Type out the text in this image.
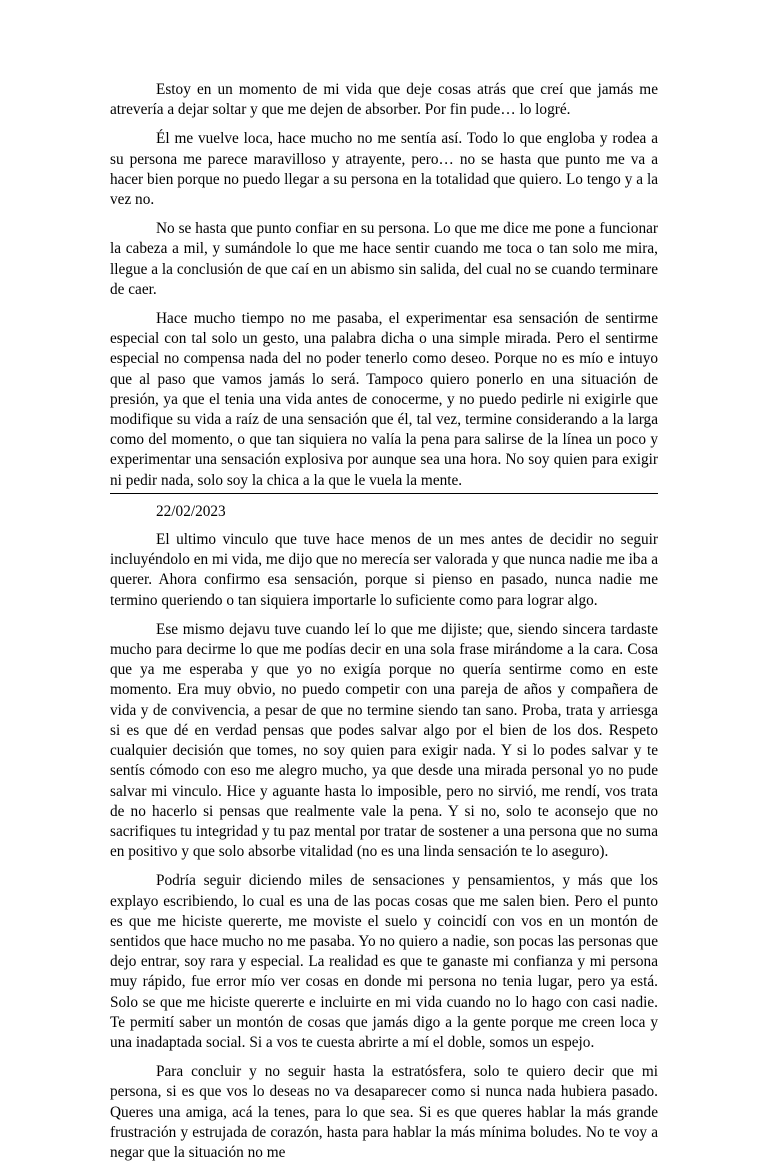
Estoy en un momento de mi vida que deje cosas atrás que creí que jamás me atrevería a dejar soltar y que me dejen de absorber. Por fin pude… lo logré.

Él me vuelve loca, hace mucho no me sentía así. Todo lo que engloba y rodea a su persona me parece maravilloso y atrayente, pero… no se hasta que punto me va a hacer bien porque no puedo llegar a su persona en la totalidad que quiero. Lo tengo y a la vez no.

No se hasta que punto confiar en su persona. Lo que me dice me pone a funcionar la cabeza a mil, y sumándole lo que me hace sentir cuando me toca o tan solo me mira, llegue a la conclusión de que caí en un abismo sin salida, del cual no se cuando terminare de caer.

Hace mucho tiempo no me pasaba, el experimentar esa sensación de sentirme especial con tal solo un gesto, una palabra dicha o una simple mirada. Pero el sentirme especial no compensa nada del no poder tenerlo como deseo. Porque no es mío e intuyo que al paso que vamos jamás lo será. Tampoco quiero ponerlo en una situación de presión, ya que el tenia una vida antes de conocerme, y no puedo pedirle ni exigirle que modifique su vida a raíz de una sensación que él, tal vez, termine considerando a la larga como del momento, o que tan siquiera no valía la pena para salirse de la línea un poco y experimentar una sensación explosiva por aunque sea una hora. No soy quien para exigir ni pedir nada, solo soy la chica a la que le vuela la mente.

22/02/2023

El ultimo vinculo que tuve hace menos de un mes antes de decidir no seguir incluyéndolo en mi vida, me dijo que no merecía ser valorada y que nunca nadie me iba a querer. Ahora confirmo esa sensación, porque si pienso en pasado, nunca nadie me termino queriendo o tan siquiera importarle lo suficiente como para lograr algo.

Ese mismo dejavu tuve cuando leí lo que me dijiste; que, siendo sincera tardaste mucho para decirme lo que me podías decir en una sola frase mirándome a la cara. Cosa que ya me esperaba y que yo no exigía porque no quería sentirme como en este momento. Era muy obvio, no puedo competir con una pareja de años y compañera de vida y de convivencia, a pesar de que no termine siendo tan sano. Proba, trata y arriesga si es que dé en verdad pensas que podes salvar algo por el bien de los dos. Respeto cualquier decisión que tomes, no soy quien para exigir nada. Y si lo podes salvar y te sentís cómodo con eso me alegro mucho, ya que desde una mirada personal yo no pude salvar mi vinculo. Hice y aguante hasta lo imposible, pero no sirvió, me rendí, vos trata de no hacerlo si pensas que realmente vale la pena. Y si no, solo te aconsejo que no sacrifiques tu integridad y tu paz mental por tratar de sostener a una persona que no suma en positivo y que solo absorbe vitalidad (no es una linda sensación te lo aseguro).

Podría seguir diciendo miles de sensaciones y pensamientos, y más que los explayo escribiendo, lo cual es una de las pocas cosas que me salen bien. Pero el punto es que me hiciste quererte, me moviste el suelo y coincidí con vos en un montón de sentidos que hace mucho no me pasaba. Yo no quiero a nadie, son pocas las personas que dejo entrar, soy rara y especial. La realidad es que te ganaste mi confianza y mi persona muy rápido, fue error mío ver cosas en donde mi persona no tenia lugar, pero ya está. Solo se que me hiciste quererte e incluirte en mi vida cuando no lo hago con casi nadie. Te permití saber un montón de cosas que jamás digo a la gente porque me creen loca y una inadaptada social. Si a vos te cuesta abrirte a mí el doble, somos un espejo.

Para concluir y no seguir hasta la estratósfera, solo te quiero decir que mi persona, si es que vos lo deseas no va desaparecer como si nunca nada hubiera pasado. Queres una amiga, acá la tenes, para lo que sea. Si es que queres hablar la más grande frustración y estrujada de corazón, hasta para hablar la más mínima boludes. No te voy a negar que la situación no me
